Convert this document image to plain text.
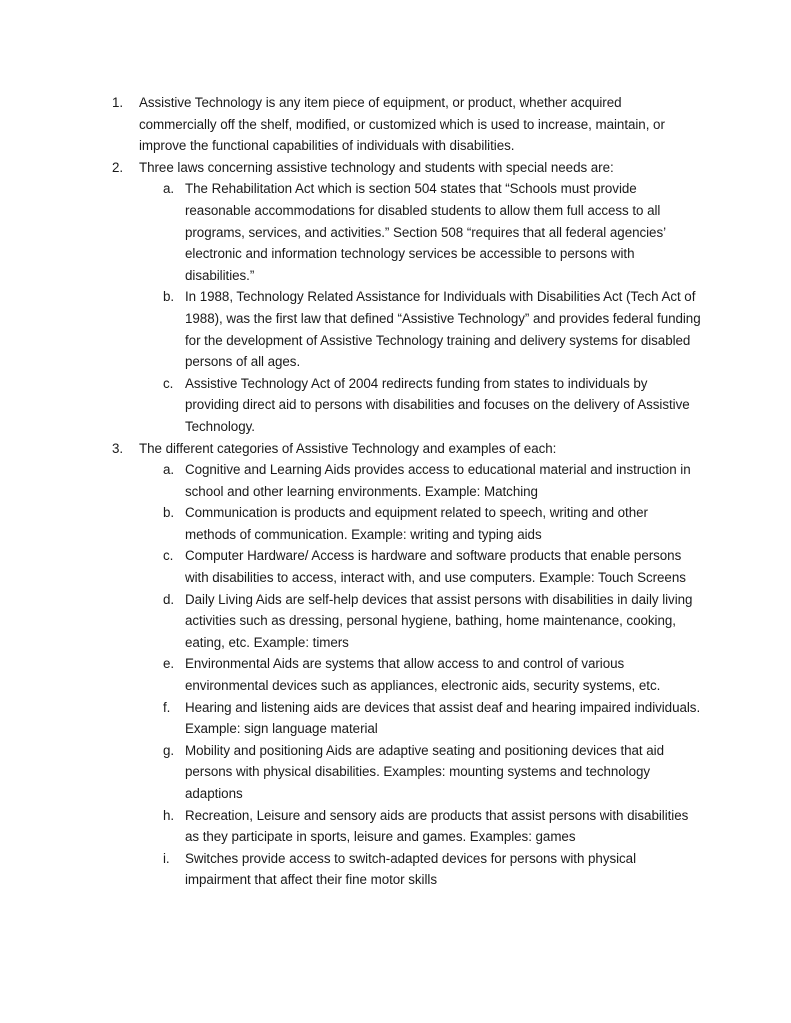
1.	Assistive Technology is any item piece of equipment, or product, whether acquired commercially off the shelf, modified, or customized which is used to increase, maintain, or improve the functional capabilities of individuals with disabilities.
2.	Three laws concerning assistive technology and students with special needs are:
a. The Rehabilitation Act which is section 504 states that “Schools must provide reasonable accommodations for disabled students to allow them full access to all programs, services, and activities.” Section 508 “requires that all federal agencies’ electronic and information technology services be accessible to persons with disabilities.”
b. In 1988, Technology Related Assistance for Individuals with Disabilities Act (Tech Act of 1988), was the first law that defined “Assistive Technology” and provides federal funding for the development of Assistive Technology training and delivery systems for disabled persons of all ages.
c. Assistive Technology Act of 2004 redirects funding from states to individuals by providing direct aid to persons with disabilities and focuses on the delivery of Assistive Technology.
3.	The different categories of Assistive Technology and examples of each:
a. Cognitive and Learning Aids provides access to educational material and instruction in school and other learning environments. Example: Matching
b. Communication is products and equipment related to speech, writing and other methods of communication. Example: writing and typing aids
c. Computer Hardware/ Access is hardware and software products that enable persons with disabilities to access, interact with, and use computers. Example: Touch Screens
d. Daily Living Aids are self-help devices that assist persons with disabilities in daily living activities such as dressing, personal hygiene, bathing, home maintenance, cooking, eating, etc. Example: timers
e. Environmental Aids are systems that allow access to and control of various environmental devices such as appliances, electronic aids, security systems, etc.
f.	Hearing and listening aids are devices that assist deaf and hearing impaired individuals. Example: sign language material
g. Mobility and positioning Aids are adaptive seating and positioning devices that aid persons with physical disabilities. Examples: mounting systems and technology adaptions
h. Recreation, Leisure and sensory aids are products that assist persons with disabilities as they participate in sports, leisure and games. Examples: games
i.	Switches provide access to switch-adapted devices for persons with physical impairment that affect their fine motor skills
